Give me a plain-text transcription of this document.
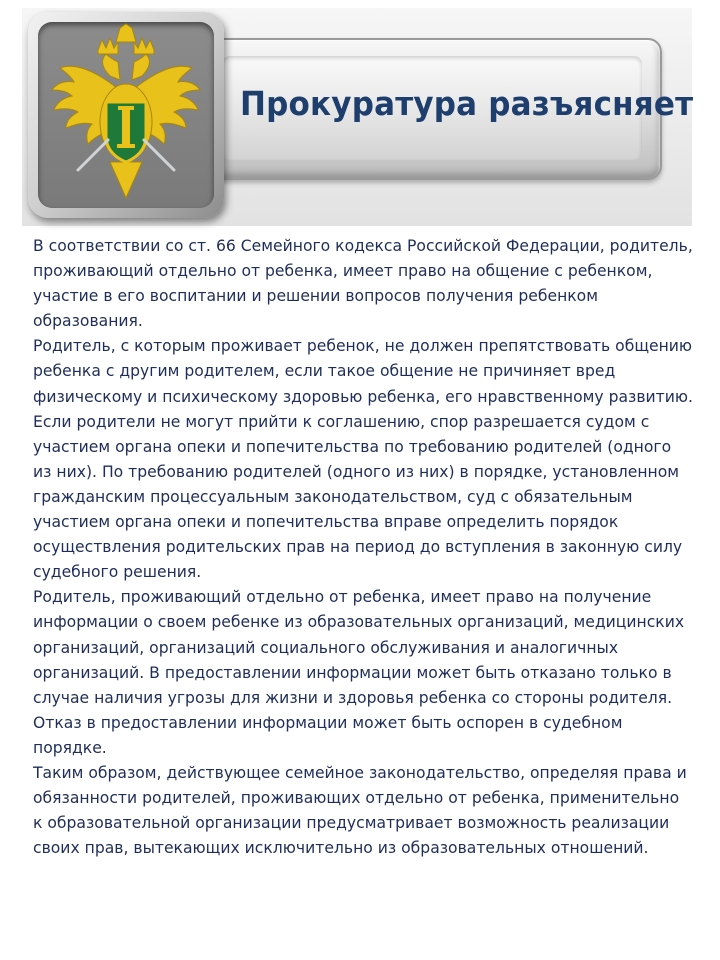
Прокуратура разъясняет

В соответствии со ст. 66 Семейного кодекса Российской Федерации, родитель, проживающий отдельно от ребенка, имеет право на общение с ребенком, участие в его воспитании и решении вопросов получения ребенком образования.

Родитель, с которым проживает ребенок, не должен препятствовать общению ребенка с другим родителем, если такое общение не причиняет вред физическому и психическому здоровью ребенка, его нравственному развитию.

Если родители не могут прийти к соглашению, спор разрешается судом с участием органа опеки и попечительства по требованию родителей (одного из них). По требованию родителей (одного из них) в порядке, установленном гражданским процессуальным законодательством, суд с обязательным участием органа опеки и попечительства вправе определить порядок осуществления родительских прав на период до вступления в законную силу судебного решения.

Родитель, проживающий отдельно от ребенка, имеет право на получение информации о своем ребенке из образовательных организаций, медицинских организаций, организаций социального обслуживания и аналогичных организаций. В предоставлении информации может быть отказано только в случае наличия угрозы для жизни и здоровья ребенка со стороны родителя. Отказ в предоставлении информации может быть оспорен в судебном порядке.

Таким образом, действующее семейное законодательство, определяя права и обязанности родителей, проживающих отдельно от ребенка, применительно к образовательной организации предусматривает возможность реализации своих прав, вытекающих исключительно из образовательных отношений.
